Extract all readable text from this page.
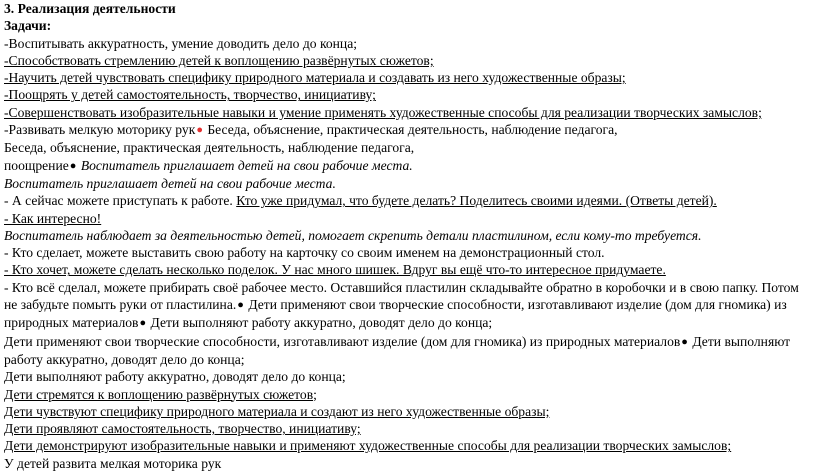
3. Реализация деятельности
Задачи:
-Воспитывать аккуратность, умение доводить дело до конца;
-Способствовать стремлению детей к воплощению развёрнутых сюжетов;
-Научить детей чувствовать специфику природного материала и создавать из него художественные образы;
-Поощрять у детей самостоятельность, творчество, инициативу;
-Совершенствовать изобразительные навыки и умение применять художественные способы для реализации творческих замыслов;
-Развивать мелкую моторику рук● Беседа, объяснение, практическая деятельность, наблюдение педагога,
Беседа, объяснение, практическая деятельность, наблюдение педагога,
поощрение● Воспитатель приглашает детей на свои рабочие места.
Воспитатель приглашает детей на свои рабочие места.
- А сейчас можете приступать к работе. Кто уже придумал, что будете делать? Поделитесь своими идеями. (Ответы детей).
- Как интересно!
Воспитатель наблюдает за деятельностью детей, помогает скрепить детали пластилином, если кому-то требуется.
- Кто сделает, можете выставить свою работу на карточку со своим именем на демонстрационный стол.
- Кто хочет, можете сделать несколько поделок. У нас много шишек. Вдруг вы ещё что-то интересное придумаете.
- Кто всё сделал, можете прибирать своё рабочее место. Оставшийся пластилин складывайте обратно в коробочки и в свою папку. Потом не забудьте помыть руки от пластилина.● Дети применяют свои творческие способности, изготавливают изделие (дом для гномика) из природных материалов● Дети выполняют работу аккуратно, доводят дело до конца;
Дети применяют свои творческие способности, изготавливают изделие (дом для гномика) из природных материалов● Дети выполняют работу аккуратно, доводят дело до конца;
Дети выполняют работу аккуратно, доводят дело до конца;
Дети стремятся к воплощению развёрнутых сюжетов;
Дети чувствуют специфику природного материала и создают из него художественные образы;
Дети проявляют самостоятельность, творчество, инициативу;
Дети демонстрируют изобразительные навыки и применяют художественные способы для реализации творческих замыслов;
У детей развита мелкая моторика рук
